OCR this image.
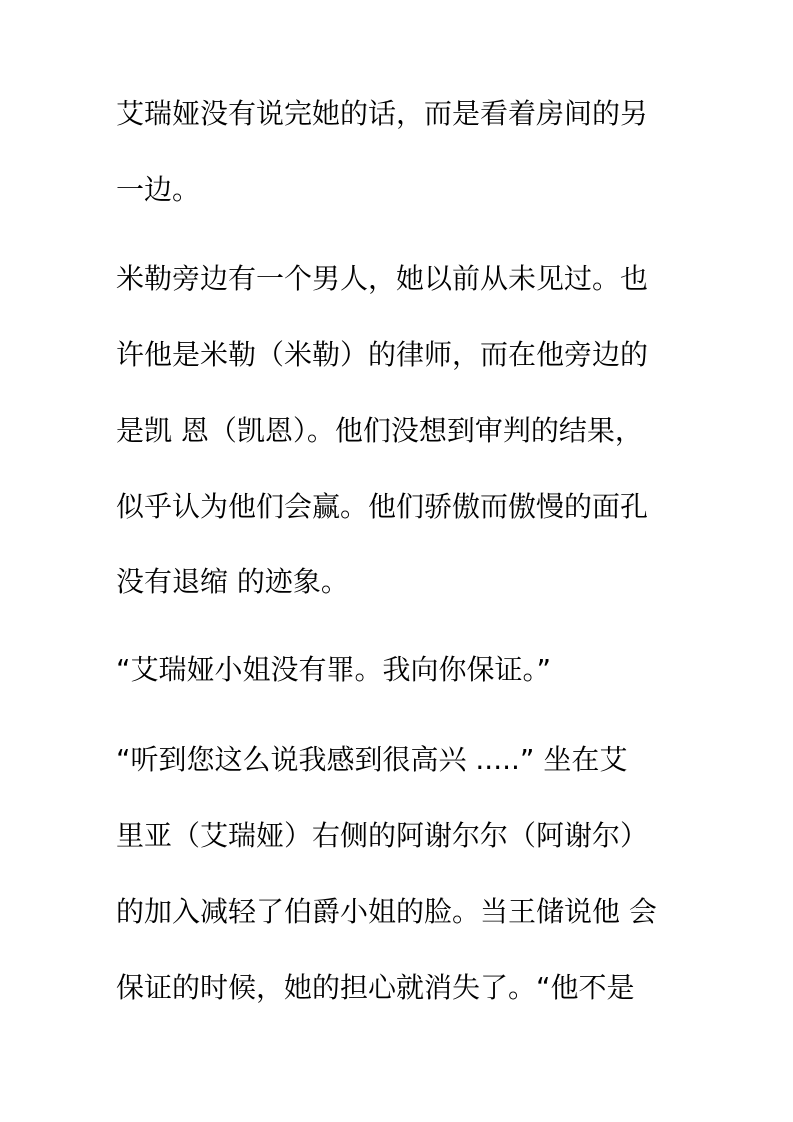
艾瑞娅没有说完她的话，而是看着房间的另
一边。
米勒旁边有一个男人，她以前从未见过。也
许他是米勒（米勒）的律师，而在他旁边的
是凯 恩（凯恩）。他们没想到审判的结果，
似乎认为他们会赢。他们骄傲而傲慢的面孔
没有退缩 的迹象。
“艾瑞娅小姐没有罪。我向你保证。”
“听到您这么说我感到很高兴 .....” 坐在艾
里亚（艾瑞娅）右侧的阿谢尔尔（阿谢尔）
的加入减轻了伯爵小姐的脸。当王储说他 会
保证的时候，她的担心就消失了。“他不是
